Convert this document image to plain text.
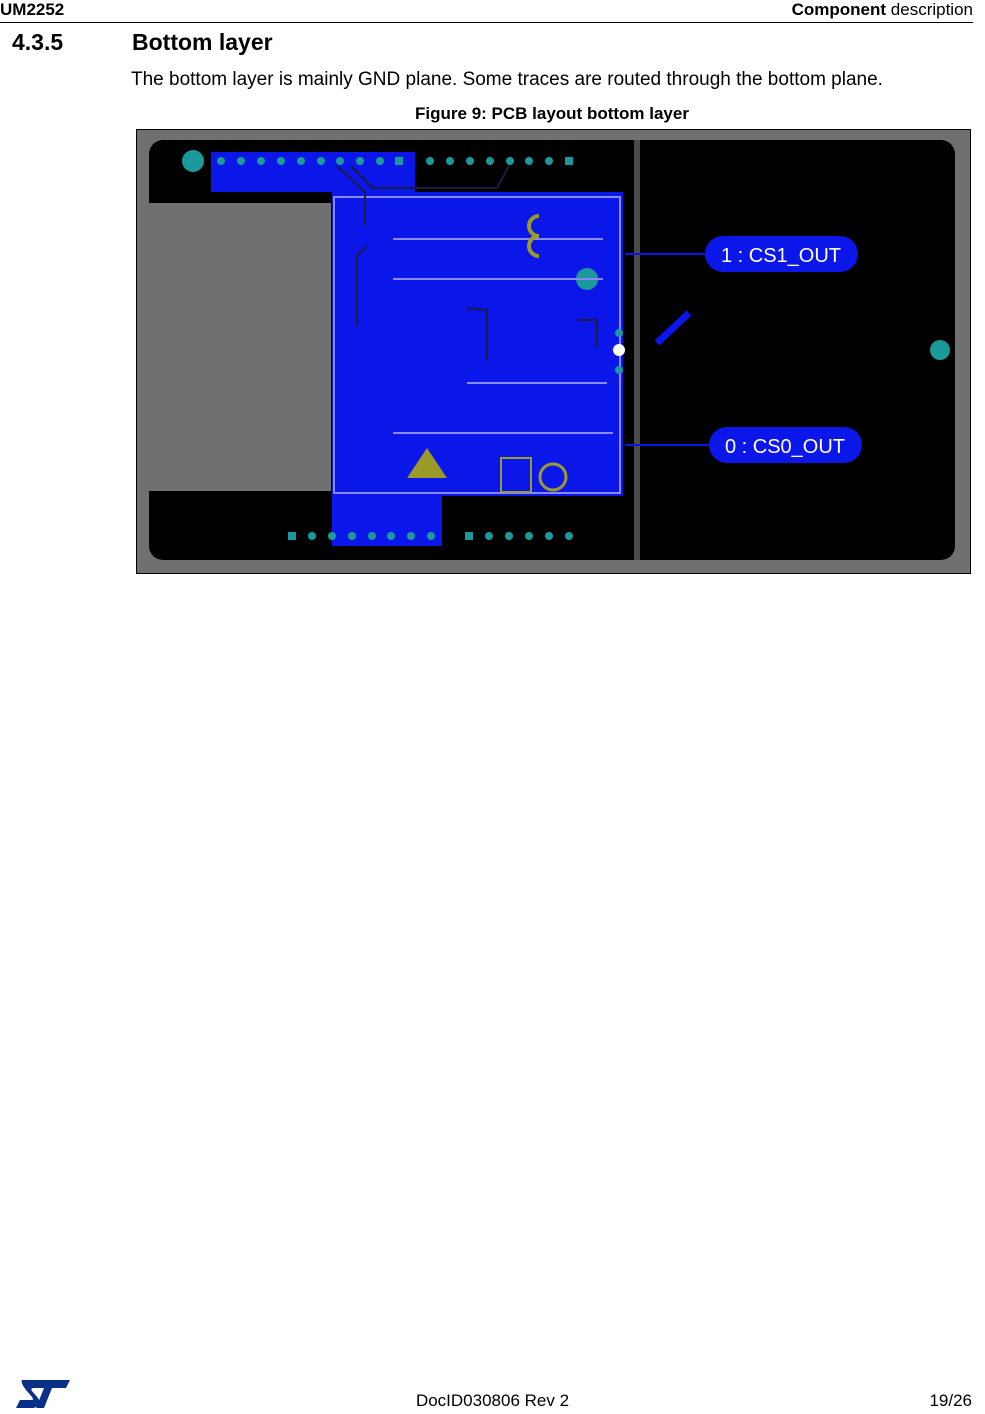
UM2252	Component description
4.3.5	Bottom layer
The bottom layer is mainly GND plane. Some traces are routed through the bottom plane.
Figure 9: PCB layout bottom layer
1 : CS1_OUT
0 : CS0_OUT
DocID030806 Rev 2	19/26
